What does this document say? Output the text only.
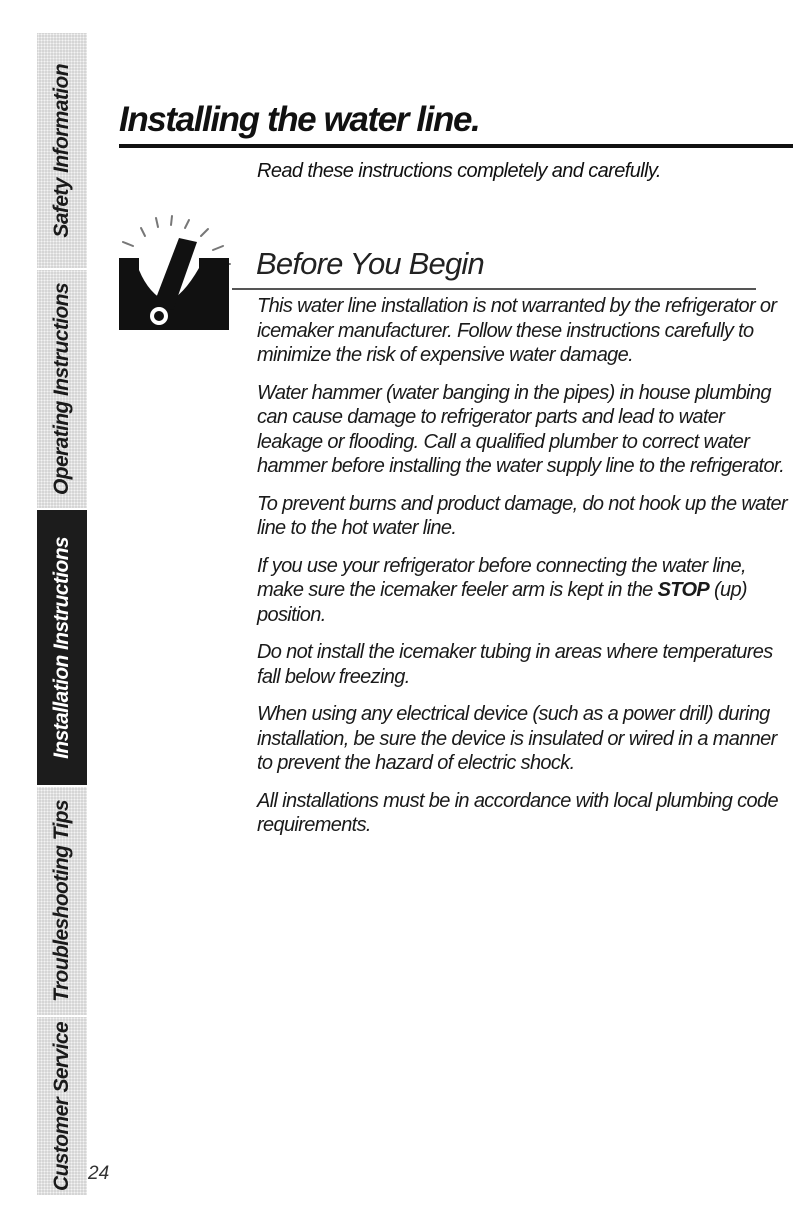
Safety Information
Operating Instructions
Installation Instructions
Troubleshooting Tips
Customer Service
Installing the water line.

Read these instructions completely and carefully.

Before You Begin

This water line installation is not warranted by the refrigerator or icemaker manufacturer. Follow these instructions carefully to minimize the risk of expensive water damage.

Water hammer (water banging in the pipes) in house plumbing can cause damage to refrigerator parts and lead to water leakage or flooding. Call a qualified plumber to correct water hammer before installing the water supply line to the refrigerator.

To prevent burns and product damage, do not hook up the water line to the hot water line.

If you use your refrigerator before connecting the water line, make sure the icemaker feeler arm is kept in the STOP (up) position.

Do not install the icemaker tubing in areas where temperatures fall below freezing.

When using any electrical device (such as a power drill) during installation, be sure the device is insulated or wired in a manner to prevent the hazard of electric shock.

All installations must be in accordance with local plumbing code requirements.

24
